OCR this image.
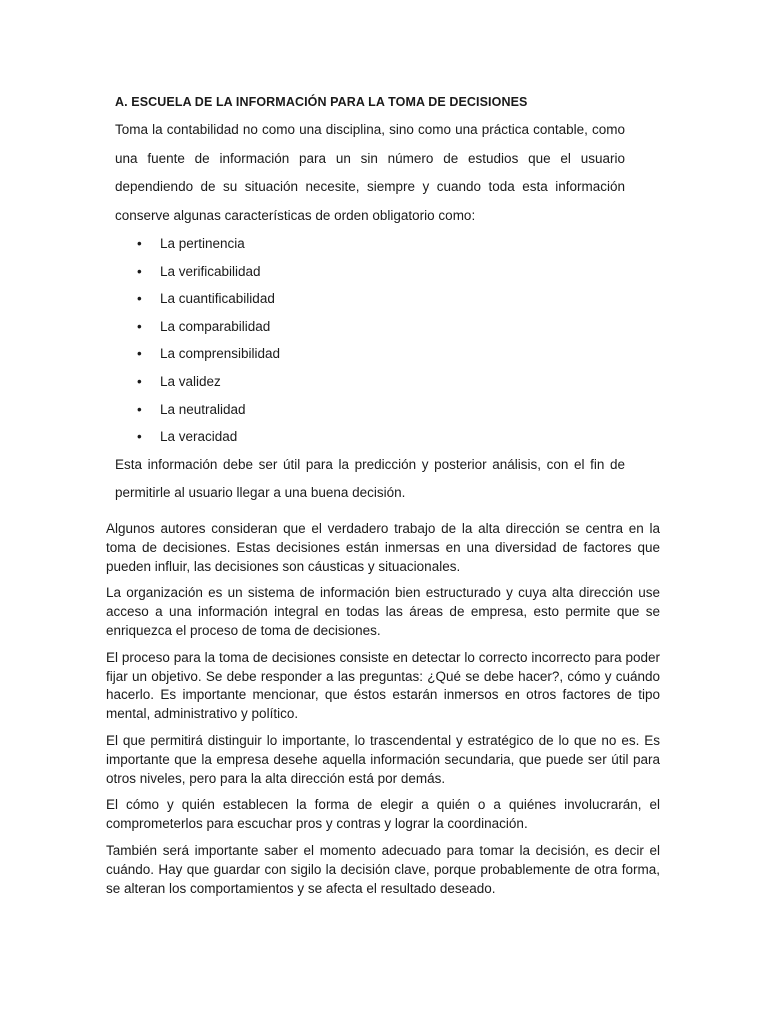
A. ESCUELA DE LA INFORMACIÓN PARA LA TOMA DE DECISIONES

Toma la contabilidad no como una disciplina, sino como una práctica contable, como una fuente de información para un sin número de estudios que el usuario dependiendo de su situación necesite, siempre y cuando toda esta información conserve algunas características de orden obligatorio como:

• La pertinencia
• La verificabilidad
• La cuantificabilidad
• La comparabilidad
• La comprensibilidad
• La validez
• La neutralidad
• La veracidad

Esta información debe ser útil para la predicción y posterior análisis, con el fin de permitirle al usuario llegar a una buena decisión.

Algunos autores consideran que el verdadero trabajo de la alta dirección se centra en la toma de decisiones. Estas decisiones están inmersas en una diversidad de factores que pueden influir, las decisiones son cáusticas y situacionales.

La organización es un sistema de información bien estructurado y cuya alta dirección use acceso a una información integral en todas las áreas de empresa, esto permite que se enriquezca el proceso de toma de decisiones.

El proceso para la toma de decisiones consiste en detectar lo correcto incorrecto para poder fijar un objetivo. Se debe responder a las preguntas: ¿Qué se debe hacer?, cómo y cuándo hacerlo. Es importante mencionar, que éstos estarán inmersos en otros factores de tipo mental, administrativo y político.

El que permitirá distinguir lo importante, lo trascendental y estratégico de lo que no es. Es importante que la empresa desehe aquella información secundaria, que puede ser útil para otros niveles, pero para la alta dirección está por demás.

El cómo y quién establecen la forma de elegir a quién o a quiénes involucrarán, el comprometerlos para escuchar pros y contras y lograr la coordinación.

También será importante saber el momento adecuado para tomar la decisión, es decir el cuándo. Hay que guardar con sigilo la decisión clave, porque probablemente de otra forma, se alteran los comportamientos y se afecta el resultado deseado.
